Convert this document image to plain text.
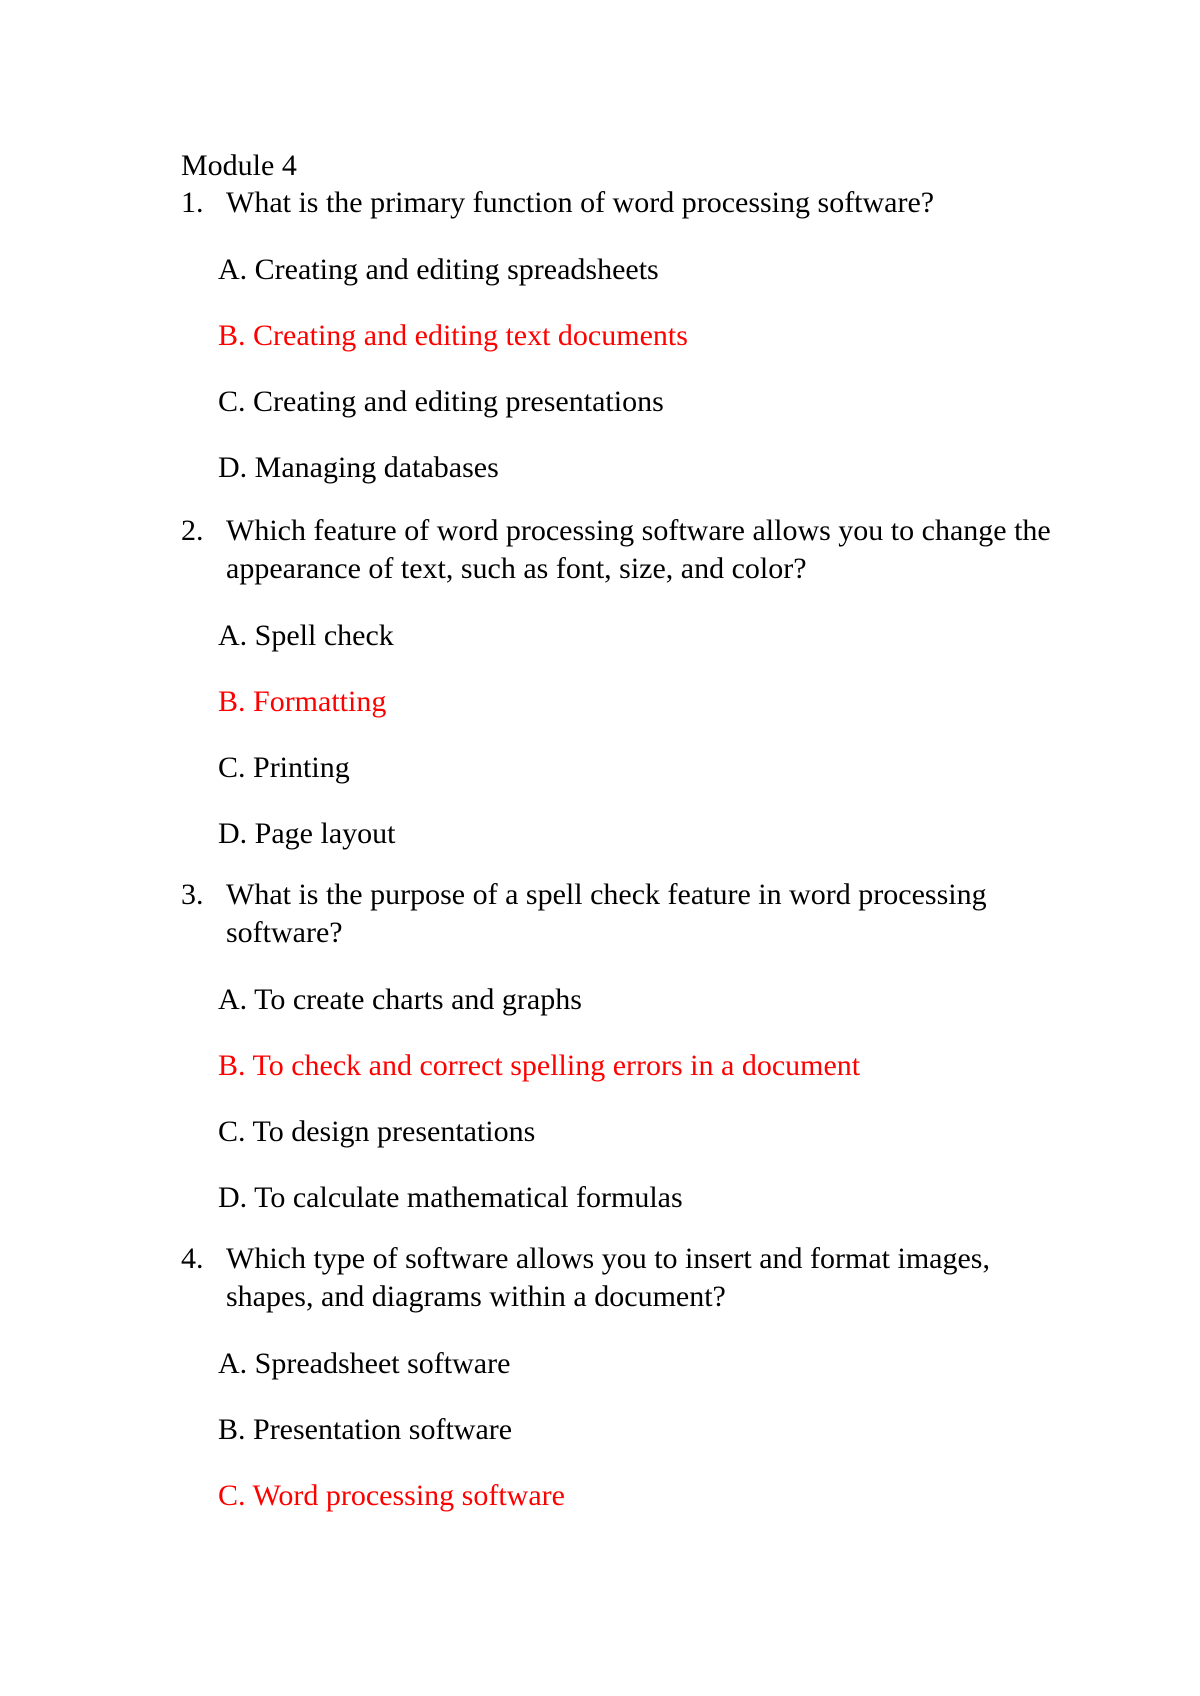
Module 4
1. What is the primary function of word processing software?
A. Creating and editing spreadsheets
B. Creating and editing text documents
C. Creating and editing presentations
D. Managing databases
2. Which feature of word processing software allows you to change the appearance of text, such as font, size, and color?
A. Spell check
B. Formatting
C. Printing
D. Page layout
3. What is the purpose of a spell check feature in word processing software?
A. To create charts and graphs
B. To check and correct spelling errors in a document
C. To design presentations
D. To calculate mathematical formulas
4. Which type of software allows you to insert and format images, shapes, and diagrams within a document?
A. Spreadsheet software
B. Presentation software
C. Word processing software
